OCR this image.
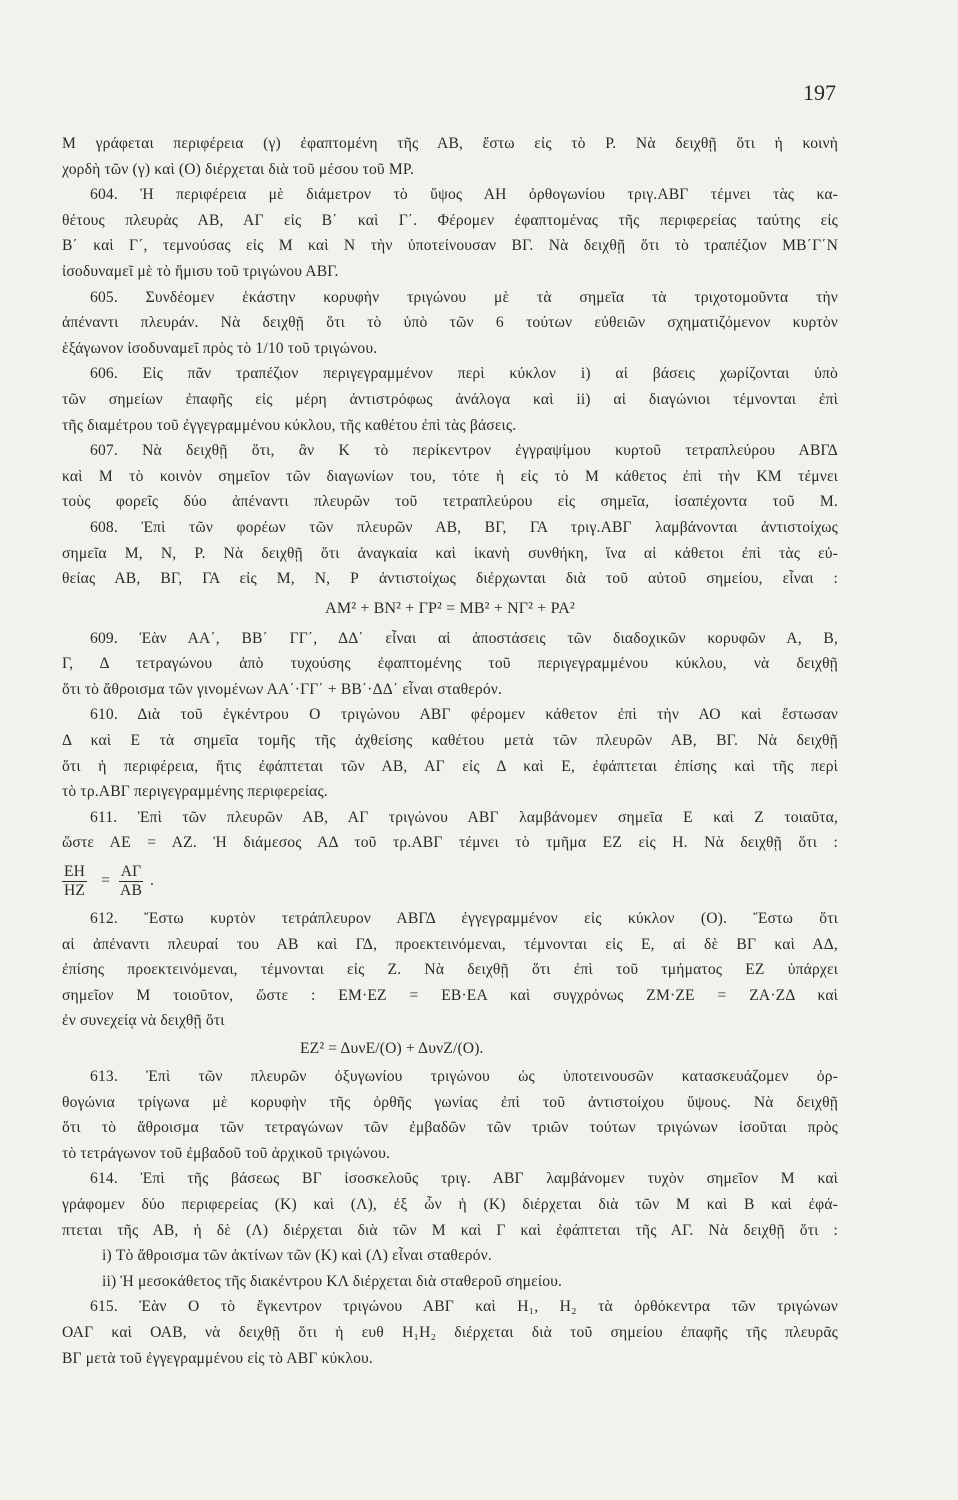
197
Μ γράφεται περιφέρεια (γ) ἐφαπτομένη τῆς ΑΒ, ἔστω εἰς τὸ Ρ. Νὰ δειχθῇ ὅτι ἡ κοινὴ
χορδὴ τῶν (γ) καὶ (Ο) διέρχεται διὰ τοῦ μέσου τοῦ ΜΡ.
604. Ἡ περιφέρεια μὲ διάμετρον τὸ ὕψος ΑΗ ὀρθογωνίου τριγ.ΑΒΓ τέμνει τὰς κα-
θέτους πλευρὰς ΑΒ, ΑΓ εἰς Β΄ καὶ Γ΄. Φέρομεν ἐφαπτομένας τῆς περιφερείας ταύτης εἰς
Β΄ καὶ Γ΄, τεμνούσας εἰς Μ καὶ Ν τὴν ὑποτείνουσαν ΒΓ. Νὰ δειχθῇ ὅτι τὸ τραπέζιον ΜΒ΄Γ΄Ν
ἰσοδυναμεῖ μὲ τὸ ἥμισυ τοῦ τριγώνου ΑΒΓ.
605. Συνδέομεν ἑκάστην κορυφὴν τριγώνου μὲ τὰ σημεῖα τὰ τριχοτομοῦντα τὴν
ἀπέναντι πλευράν. Νὰ δειχθῇ ὅτι τὸ ὑπὸ τῶν 6 τούτων εὐθειῶν σχηματιζόμενον κυρτὸν
ἑξάγωνον ἰσοδυναμεῖ πρὸς τὸ 1/10 τοῦ τριγώνου.
606. Εἰς πᾶν τραπέζιον περιγεγραμμένον περὶ κύκλον i) αἱ βάσεις χωρίζονται ὑπὸ
τῶν σημείων ἐπαφῆς εἰς μέρη ἀντιστρόφως ἀνάλογα καὶ ii) αἱ διαγώνιοι τέμνονται ἐπὶ
τῆς διαμέτρου τοῦ ἐγγεγραμμένου κύκλου, τῆς καθέτου ἐπὶ τὰς βάσεις.
607. Νὰ δειχθῇ ὅτι, ἂν Κ τὸ περίκεντρον ἐγγραψίμου κυρτοῦ τετραπλεύρου ΑΒΓΔ
καὶ Μ τὸ κοινὸν σημεῖον τῶν διαγωνίων του, τότε ἡ εἰς τὸ Μ κάθετος ἐπὶ τὴν ΚΜ τέμνει
τοὺς φορεῖς δύο ἀπέναντι πλευρῶν τοῦ τετραπλεύρου εἰς σημεῖα, ἰσαπέχοντα τοῦ Μ.
608. Ἐπὶ τῶν φορέων τῶν πλευρῶν ΑΒ, ΒΓ, ΓΑ τριγ.ΑΒΓ λαμβάνονται ἀντιστοίχως
σημεῖα Μ, Ν, Ρ. Νὰ δειχθῇ ὅτι ἀναγκαία καὶ ἱκανὴ συνθήκη, ἵνα αἱ κάθετοι ἐπὶ τὰς εὐ-
θείας ΑΒ, ΒΓ, ΓΑ εἰς Μ, Ν, Ρ ἀντιστοίχως διέρχωνται διὰ τοῦ αὐτοῦ σημείου, εἶναι :
ΑΜ² + ΒΝ² + ΓΡ² = ΜΒ² + ΝΓ² + ΡΑ²
609. Ἐὰν ΑΑ΄, ΒΒ΄ ΓΓ΄, ΔΔ΄ εἶναι αἱ ἀποστάσεις τῶν διαδοχικῶν κορυφῶν Α, Β,
Γ, Δ τετραγώνου ἀπὸ τυχούσης ἐφαπτομένης τοῦ περιγεγραμμένου κύκλου, νὰ δειχθῇ
ὅτι τὸ ἄθροισμα τῶν γινομένων ΑΑ΄·ΓΓ΄ + ΒΒ΄·ΔΔ΄ εἶναι σταθερόν.
610. Διὰ τοῦ ἐγκέντρου Ο τριγώνου ΑΒΓ φέρομεν κάθετον ἐπὶ τὴν ΑΟ καὶ ἔστωσαν
Δ καὶ Ε τὰ σημεῖα τομῆς τῆς ἀχθείσης καθέτου μετὰ τῶν πλευρῶν ΑΒ, ΒΓ. Νὰ δειχθῇ
ὅτι ἡ περιφέρεια, ἥτις ἐφάπτεται τῶν ΑΒ, ΑΓ εἰς Δ καὶ Ε, ἐφάπτεται ἐπίσης καὶ τῆς περὶ
τὸ τρ.ΑΒΓ περιγεγραμμένης περιφερείας.
611. Ἐπὶ τῶν πλευρῶν ΑΒ, ΑΓ τριγώνου ΑΒΓ λαμβάνομεν σημεῖα Ε καὶ Ζ τοιαῦτα,
ὥστε ΑΕ = ΑΖ. Ἡ διάμεσος ΑΔ τοῦ τρ.ΑΒΓ τέμνει τὸ τμῆμα ΕΖ εἰς Η. Νὰ δειχθῇ ὅτι :
$\frac{EH}{HZ} = \frac{A\Gamma}{AB}$ .
612. Ἔστω κυρτὸν τετράπλευρον ΑΒΓΔ ἐγγεγραμμένον εἰς κύκλον (Ο). Ἔστω ὅτι
αἱ ἀπέναντι πλευραί του ΑΒ καὶ ΓΔ, προεκτεινόμεναι, τέμνονται εἰς Ε, αἱ δὲ ΒΓ καὶ ΑΔ,
ἐπίσης προεκτεινόμεναι, τέμνονται εἰς Ζ. Νὰ δειχθῇ ὅτι ἐπὶ τοῦ τμήματος ΕΖ ὑπάρχει
σημεῖον Μ τοιοῦτον, ὥστε : ΕΜ·ΕΖ = ΕΒ·ΕΑ καὶ συγχρόνως ΖΜ·ΖΕ = ΖΑ·ΖΔ καὶ
ἐν συνεχείᾳ νὰ δειχθῇ ὅτι
ΕΖ² = ΔυνΕ/(Ο) + ΔυνΖ/(Ο).
613. Ἐπὶ τῶν πλευρῶν ὀξυγωνίου τριγώνου ὡς ὑποτεινουσῶν κατασκευάζομεν ὀρ-
θογώνια τρίγωνα μὲ κορυφὴν τῆς ὀρθῆς γωνίας ἐπὶ τοῦ ἀντιστοίχου ὕψους. Νὰ δειχθῇ
ὅτι τὸ ἄθροισμα τῶν τετραγώνων τῶν ἐμβαδῶν τῶν τριῶν τούτων τριγώνων ἰσοῦται πρὸς
τὸ τετράγωνον τοῦ ἐμβαδοῦ τοῦ ἀρχικοῦ τριγώνου.
614. Ἐπὶ τῆς βάσεως ΒΓ ἰσοσκελοῦς τριγ. ΑΒΓ λαμβάνομεν τυχὸν σημεῖον Μ καὶ
γράφομεν δύο περιφερείας (Κ) καὶ (Λ), ἐξ ὧν ἡ (Κ) διέρχεται διὰ τῶν Μ καὶ Β καὶ ἐφά-
πτεται τῆς ΑΒ, ἡ δὲ (Λ) διέρχεται διὰ τῶν Μ καὶ Γ καὶ ἐφάπτεται τῆς ΑΓ. Νὰ δειχθῇ ὅτι :
i) Τὸ ἄθροισμα τῶν ἀκτίνων τῶν (Κ) καὶ (Λ) εἶναι σταθερόν.
ii) Ἡ μεσοκάθετος τῆς διακέντρου ΚΛ διέρχεται διὰ σταθεροῦ σημείου.
615. Ἐὰν Ο τὸ ἔγκεντρον τριγώνου ΑΒΓ καὶ Η₁, Η₂ τὰ ὀρθόκεντρα τῶν τριγώνων
ΟΑΓ καὶ ΟΑΒ, νὰ δειχθῇ ὅτι ἡ ευθ Η₁Η₂ διέρχεται διὰ τοῦ σημείου ἐπαφῆς τῆς πλευρᾶς
ΒΓ μετὰ τοῦ ἐγγεγραμμένου εἰς τὸ ΑΒΓ κύκλου.
